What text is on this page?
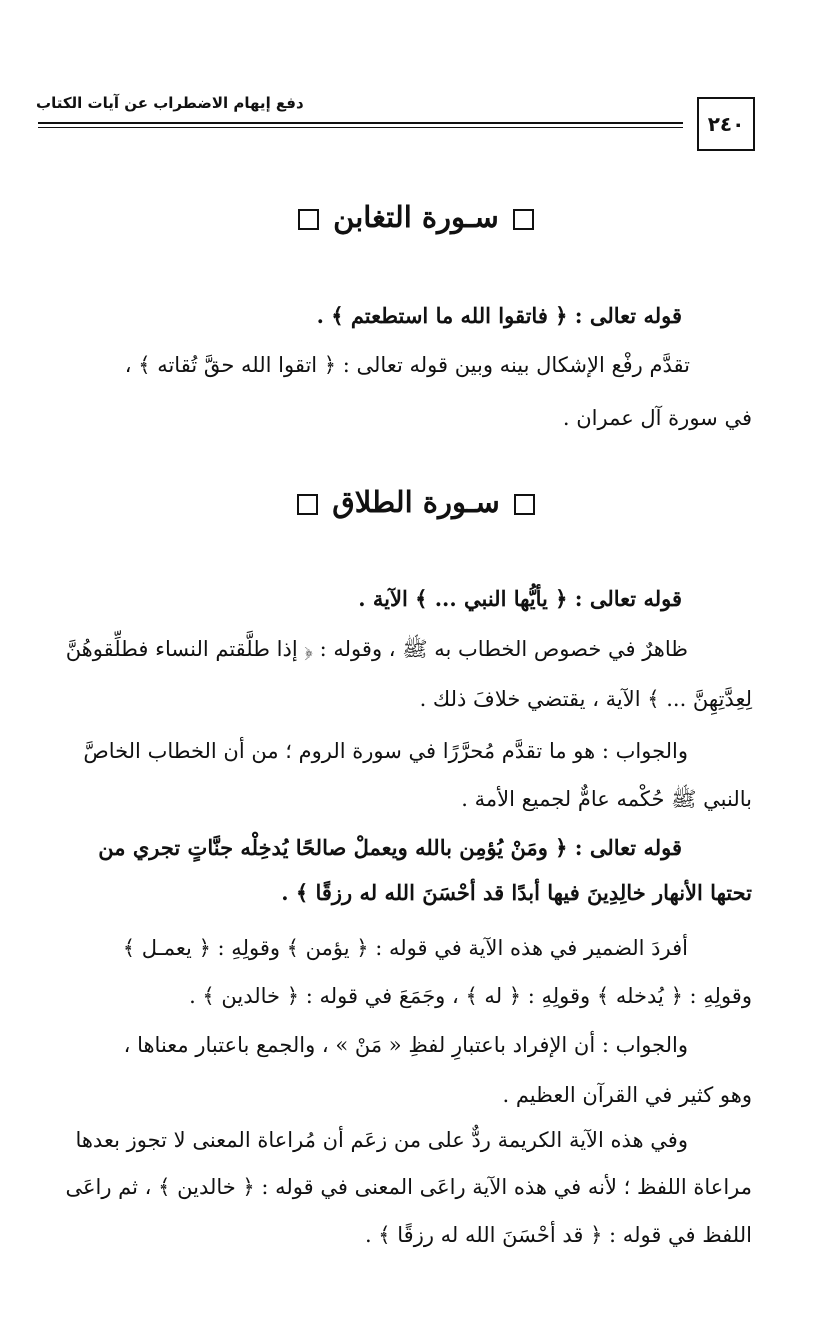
دفع إيهام الاضطراب عن آيات الكتاب
٢٤٠
سـورة التغابن
قوله تعالى : ﴿ فاتقوا الله ما استطعتم ﴾ .
تقدَّم رفْع الإشكال بينه وبين قوله تعالى : ﴿ اتقوا الله حقَّ تُقاته ﴾ ،
في سورة آل عمران .
سـورة الطلاق
قوله تعالى : ﴿ يأيُّها النبي ... ﴾ الآية .
ظاهرٌ في خصوص الخطاب به ﷺ ، وقوله : ﴿ إذا طلَّقتم النساء فطلِّقوهُنَّ
لِعِدَّتِهِنَّ ... ﴾ الآية ، يقتضي خلافَ ذلك .
والجواب : هو ما تقدَّم مُحرَّرًا في سورة الروم ؛ من أن الخطاب الخاصَّ
بالنبي ﷺ حُكْمه عامٌّ لجميع الأمة .
قوله تعالى : ﴿ ومَنْ يُؤمِن بالله ويعملْ صالحًا يُدخِلْه جنَّاتٍ تجري من
تحتها الأنهار خالِدِينَ فيها أبدًا قد أحْسَنَ الله له رزقًا ﴾ .
أفردَ الضمير في هذه الآية في قوله : ﴿ يؤمن ﴾ وقولِهِ : ﴿ يعمـل ﴾
وقولِهِ : ﴿ يُدخله ﴾ وقولِهِ : ﴿ له ﴾ ، وجَمَعَ في قوله : ﴿ خالدين ﴾ .
والجواب : أن الإفراد باعتبارِ لفظِ « مَنْ » ، والجمع باعتبار معناها ،
وهو كثير في القرآن العظيم .
وفي هذه الآية الكريمة ردٌّ على من زعَم أن مُراعاة المعنى لا تجوز بعدها
مراعاة اللفظ ؛ لأنه في هذه الآية راعَى المعنى في قوله : ﴿ خالدين ﴾ ، ثم راعَى
اللفظ في قوله : ﴿ قد أحْسَنَ الله له رزقًا ﴾ .
